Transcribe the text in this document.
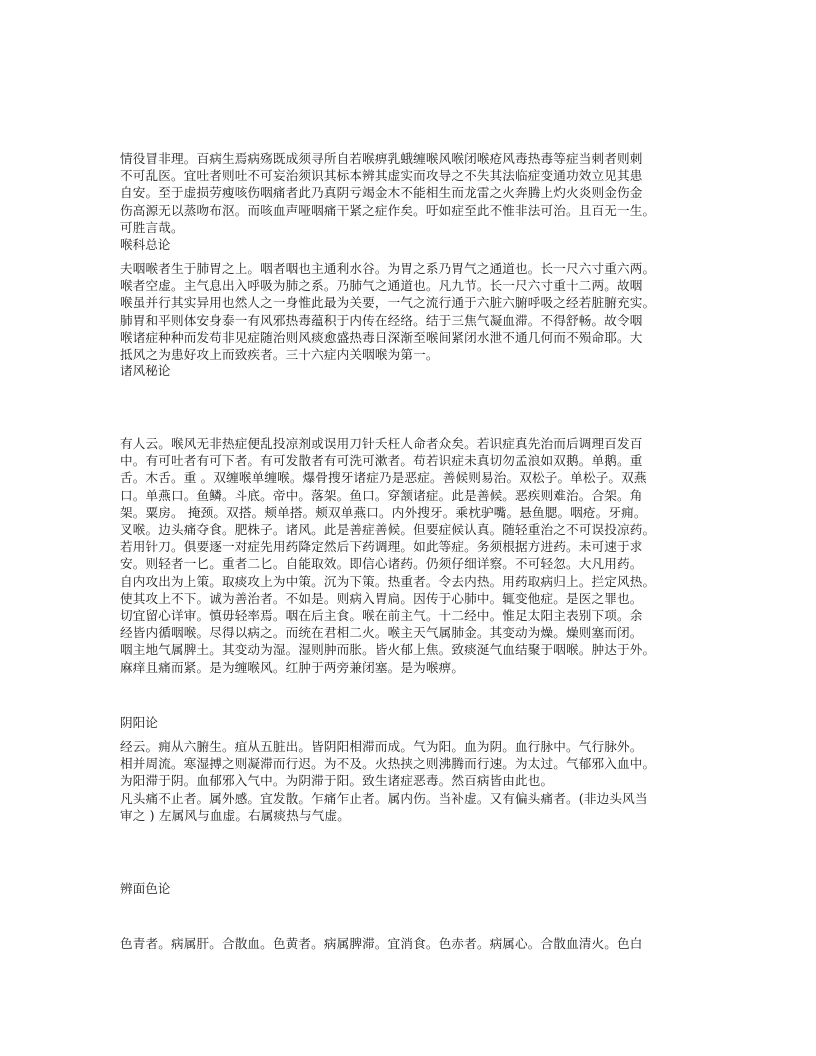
情役冒非理。百病生焉病殇既成须寻所自若喉痹乳蛾缠喉风喉闭喉疮风毒热毒等症当刺者则刺
不可乱医。宜吐者则吐不可妄治须识其标本辨其虚实而攻导之不失其法临症变通功效立见其患
自安。至于虚损劳瘦咳伤咽痛者此乃真阴亏竭金木不能相生而龙雷之火奔腾上灼火炎则金伤金
伤高源无以蒸吻布沤。而咳血声哑咽痛干紧之症作矣。吁如症至此不惟非法可治。且百无一生。
可胜言哉。

喉科总论

夫咽喉者生于肺胃之上。咽者咽也主通利水谷。为胃之系乃胃气之通道也。长一尺六寸重六两。
喉者空虚。主气息出入呼吸为肺之系。乃肺气之通道也。凡九节。长一尺六寸重十二两。故咽
喉虽并行其实异用也然人之一身惟此最为关要，一气之流行通于六脏六腑呼吸之经若脏腑充实。
肺胃和平则体安身泰一有风邪热毒蕴积于内传在经络。结于三焦气凝血滞。不得舒畅。故令咽
喉诸症种种而发苟非见症随治则风痰愈盛热毒日深渐至喉间紧闭水泄不通几何而不殒命耶。大
抵风之为患好攻上而致疾者。三十六症内关咽喉为第一。

诸风秘论

有人云。喉风无非热症便乱投凉剂或误用刀针夭枉人命者众矣。若识症真先治而后调理百发百
中。有可吐者有可下者。有可发散者有可洗可漱者。苟若识症未真切勿孟浪如双鹅。单鹅。重
舌。木舌。重 。双缠喉单缠喉。爆骨搜牙诸症乃是恶症。善候则易治。双松子。单松子。双燕
口。单燕口。鱼鳞。斗底。帝中。落架。鱼口。穿颔诸症。此是善候。恶疾则难治。合架。角
架。粟房。 掩颈。双搭。颊单搭。颊双单燕口。内外搜牙。乘枕驴嘴。悬鱼腮。咽疮。牙痈。
叉喉。边头痛夺食。肥株子。诸风。此是善症善候。但要症候认真。随轻重治之不可误投凉药。
若用针刀。俱要逐一对症先用药降定然后下药调理。如此等症。务须根据方进药。未可速于求
安。则轻者一匕。重者二匕。自能取效。即信心诸药。仍须仔细详察。不可轻忽。大凡用药。
自内攻出为上策。取痰攻上为中策。沉为下策。热重者。令去内热。用药取病归上。拦定风热。
使其攻上不下。诚为善治者。不如是。则病入胃扃。因传于心肺中。辄变他症。是医之罪也。
切宜留心详审。慎毋轻率焉。咽在后主食。喉在前主气。十二经中。惟足太阳主表别下项。余
经皆内循咽喉。尽得以病之。而统在君相二火。喉主天气属肺金。其变动为燥。燥则塞而闭。
咽主地气属脾土。其变动为湿。湿则肿而胀。皆火郁上焦。致痰涎气血结聚于咽喉。肿达于外。
麻痒且痛而紧。是为缠喉风。红肿于两旁兼闭塞。是为喉痹。

阴阳论

经云。痈从六腑生。疽从五脏出。皆阴阳相滞而成。气为阳。血为阴。血行脉中。气行脉外。
相并周流。寒湿搏之则凝滞而行迟。为不及。火热挟之则沸腾而行速。为太过。气郁邪入血中。
为阳滞于阴。血郁邪入气中。为阴滞于阳。致生诸症恶毒。然百病皆由此也。
凡头痛不止者。属外感。宜发散。乍痛乍止者。属内伤。当补虚。又有偏头痛者。(非边头风当
审之 ) 左属风与血虚。右属痰热与气虚。

辨面色论

色青者。病属肝。合散血。色黄者。病属脾滞。宜消食。色赤者。病属心。合散血清火。色白
